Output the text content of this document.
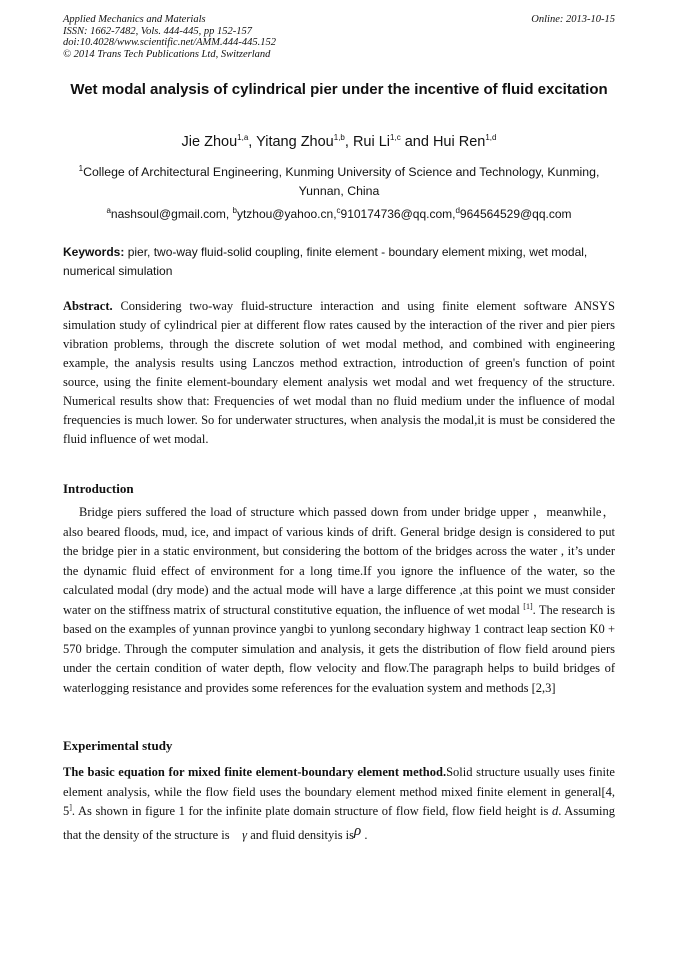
Applied Mechanics and Materials
ISSN: 1662-7482, Vols. 444-445, pp 152-157
doi:10.4028/www.scientific.net/AMM.444-445.152
© 2014 Trans Tech Publications Ltd, Switzerland
Online: 2013-10-15
Wet modal analysis of cylindrical pier under the incentive of fluid excitation
Jie Zhou$^{1,a}$, Yitang Zhou$^{1,b}$, Rui Li$^{1,c}$ and Hui Ren$^{1,d}$
$^1$College of Architectural Engineering, Kunming University of Science and Technology, Kunming, Yunnan, China
$^a$nashsoul@gmail.com, $^b$ytzhou@yahoo.cn,$^c$910174736@qq.com,$^d$964564529@qq.com
Keywords: pier, two-way fluid-solid coupling, finite element - boundary element mixing, wet modal, numerical simulation
Abstract. Considering two-way fluid-structure interaction and using finite element software ANSYS simulation study of cylindrical pier at different flow rates caused by the interaction of the river and pier piers vibration problems, through the discrete solution of wet modal method, and combined with engineering example, the analysis results using Lanczos method extraction, introduction of green's function of point source, using the finite element-boundary element analysis wet modal and wet frequency of the structure. Numerical results show that: Frequencies of wet modal than no fluid medium under the influence of modal frequencies is much lower. So for underwater structures, when analysis the modal,it is must be considered the fluid influence of wet modal.
Introduction
Bridge piers suffered the load of structure which passed down from under bridge upper ，meanwhile，also beared floods, mud, ice, and impact of various kinds of drift. General bridge design is considered to put the bridge pier in a static environment, but considering the bottom of the bridges across the water , it’s under the dynamic fluid effect of environment for a long time.If you ignore the influence of the water, so the calculated modal (dry mode) and the actual mode will have a large difference ,at this point we must consider water on the stiffness matrix of structural constitutive equation, the influence of wet modal [1]. The research is based on the examples of yunnan province yangbi to yunlong secondary highway 1 contract leap section K0 + 570 bridge. Through the computer simulation and analysis, it gets the distribution of flow field around piers under the certain condition of water depth, flow velocity and flow.The paragraph helps to build bridges of waterlogging resistance and provides some references for the evaluation system and methods [2,3]
Experimental study
The basic equation for mixed finite element-boundary element method.Solid structure usually uses finite element analysis, while the flow field uses the boundary element method mixed finite element in general[4, 5]. As shown in figure 1 for the infinite plate domain structure of flow field, flow field height is d. Assuming that the density of the structure is    γ and fluid densityis isρ .
